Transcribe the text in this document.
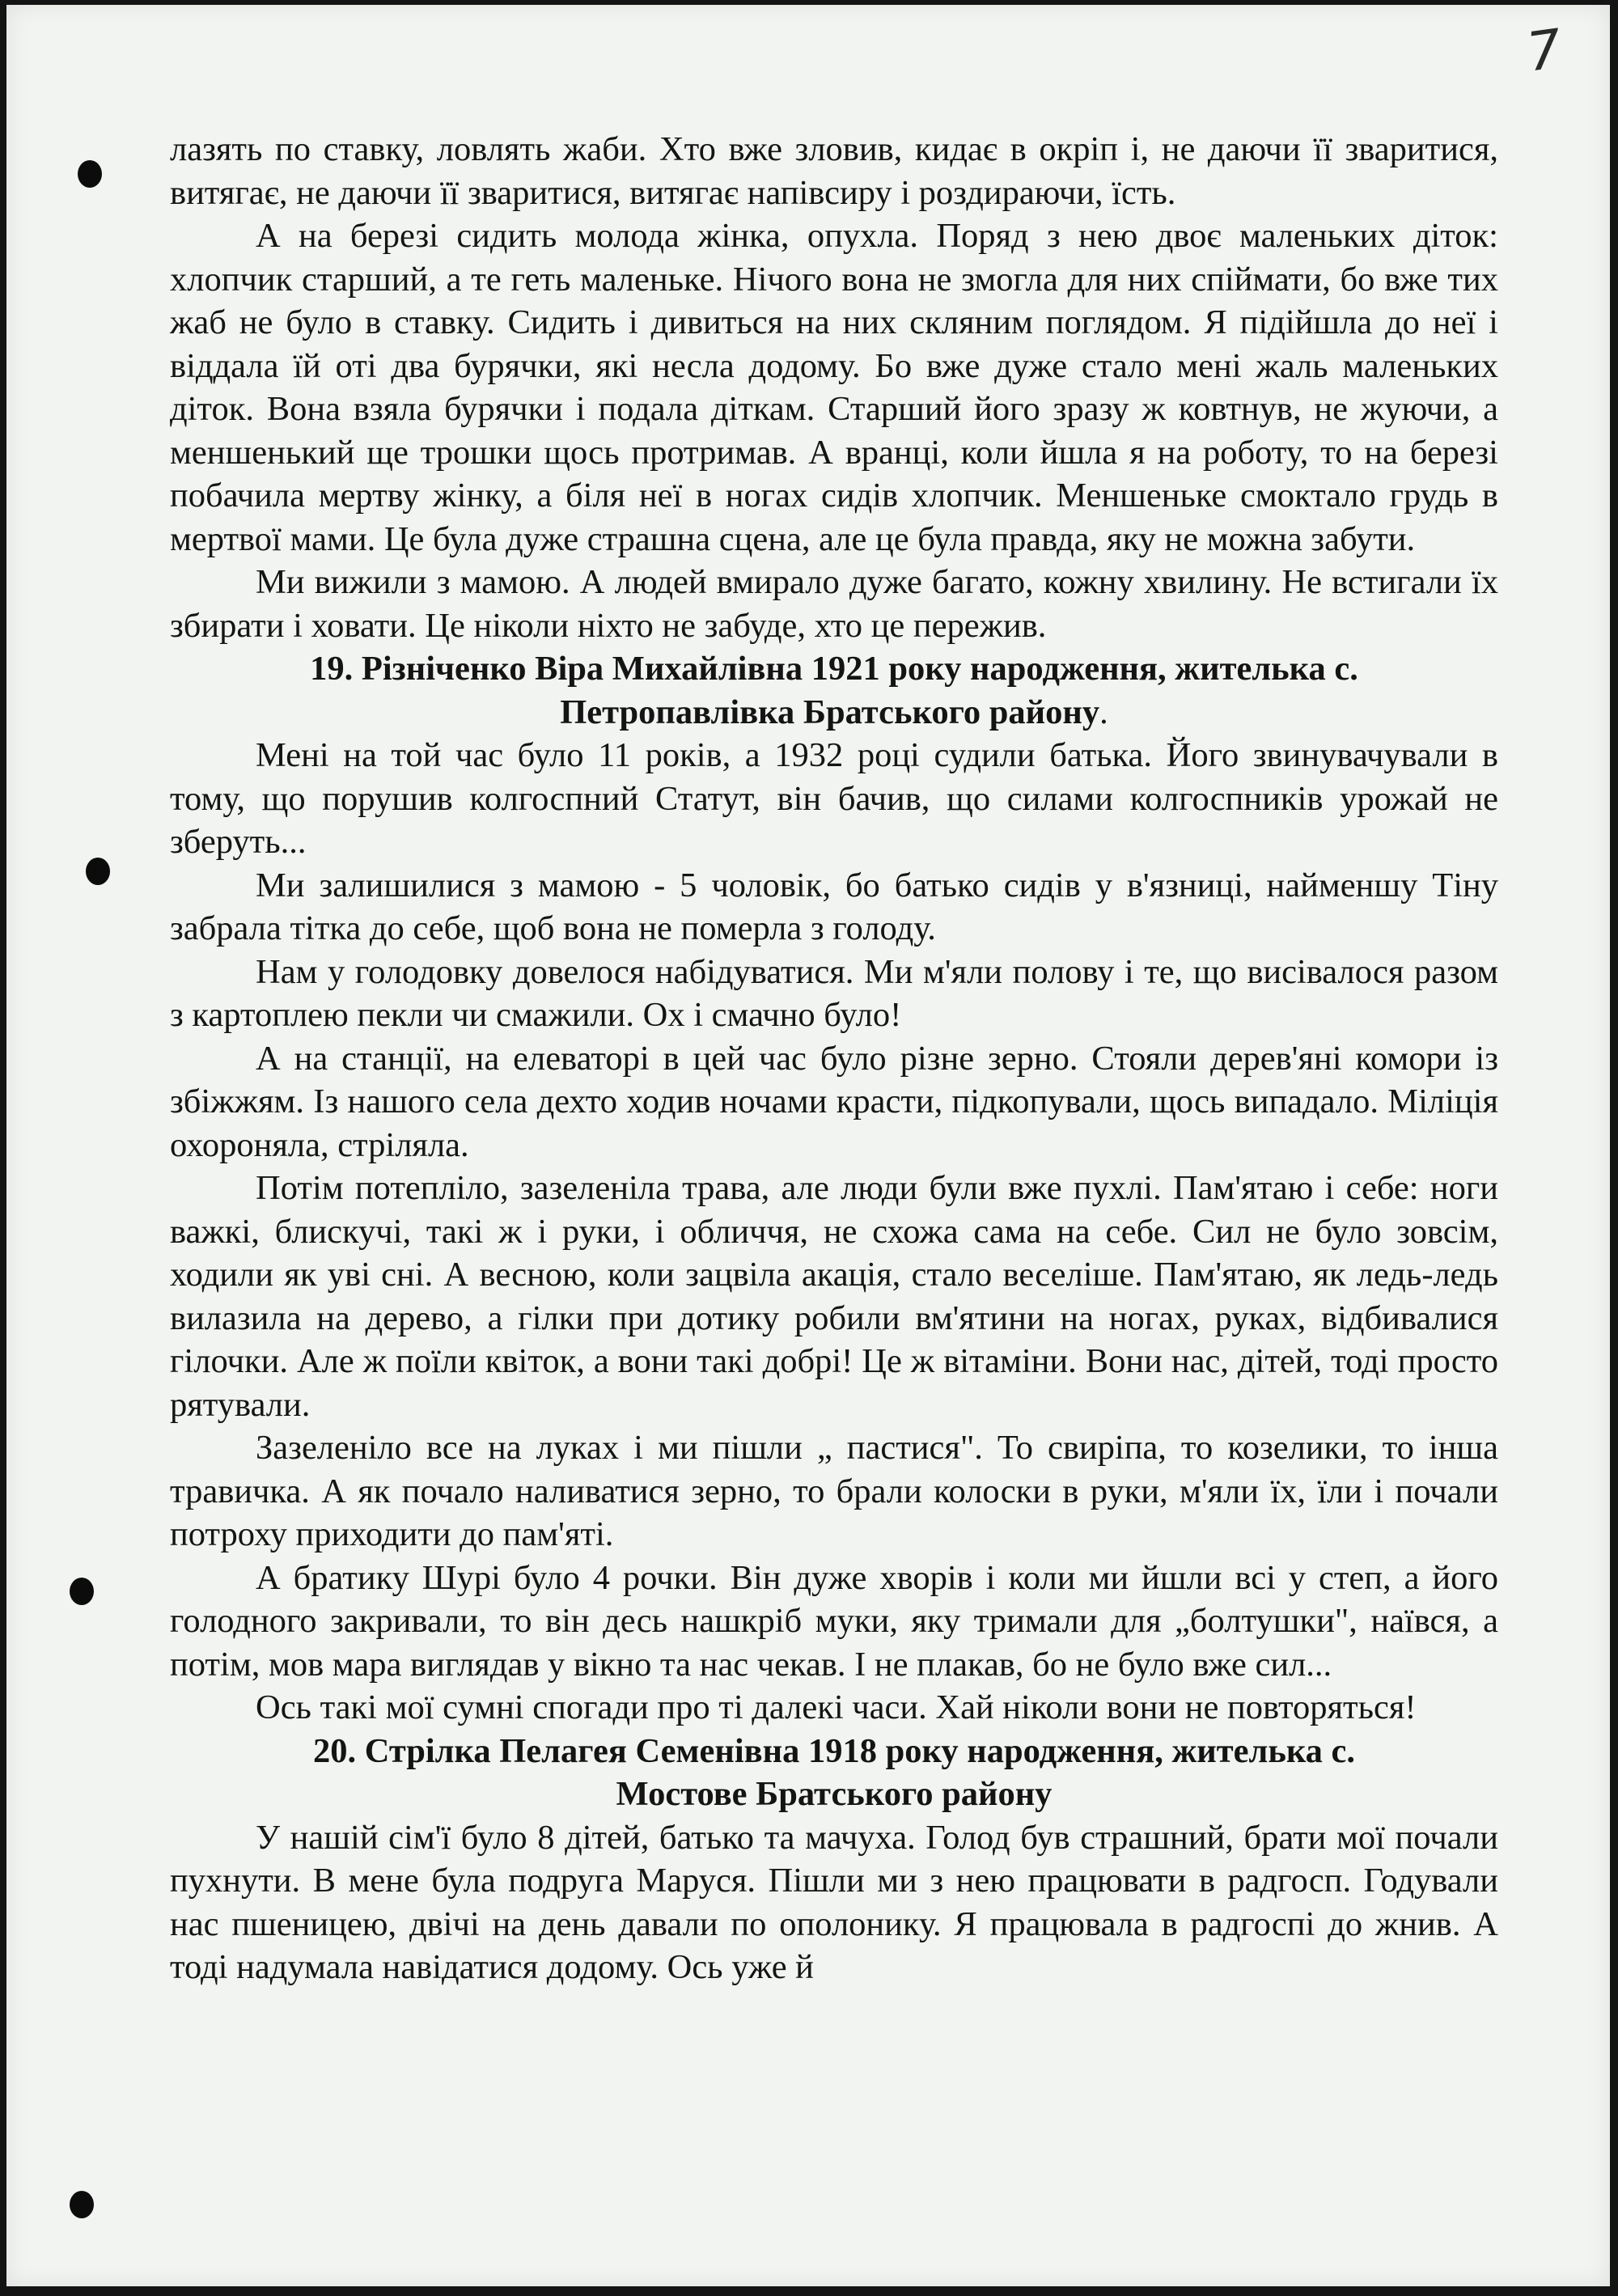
7

лазять по ставку, ловлять жаби. Хто вже зловив, кидає в окріп і, не даючи її зваритися, витягає, не даючи її зваритися, витягає напівсиру і роздираючи, їсть.

А на березі сидить молода жінка, опухла. Поряд з нею двоє маленьких діток: хлопчик старший, а те геть маленьке. Нічого вона не змогла для них спіймати, бо вже тих жаб не було в ставку. Сидить і дивиться на них скляним поглядом. Я підійшла до неї і віддала їй оті два бурячки, які несла додому. Бо вже дуже стало мені жаль маленьких діток. Вона взяла бурячки і подала діткам. Старший його зразу ж ковтнув, не жуючи, а меншенький ще трошки щось протримав. А вранці, коли йшла я на роботу, то на березі побачила мертву жінку, а біля неї в ногах сидів хлопчик. Меншеньке смоктало грудь в мертвої мами. Це була дуже страшна сцена, але це була правда, яку не можна забути.

Ми вижили з мамою. А людей вмирало дуже багато, кожну хвилину. Не встигали їх збирати і ховати. Це ніколи ніхто не забуде, хто це пережив.

19. Різніченко Віра Михайлівна 1921 року народження, жителька с.
Петропавлівка Братського району.

Мені на той час було 11 років, а 1932 році судили батька. Його звинувачували в тому, що порушив колгоспний Статут, він бачив, що силами колгоспників урожай не зберуть...

Ми залишилися з мамою - 5 чоловік, бо батько сидів у в'язниці, найменшу Тіну забрала тітка до себе, щоб вона не померла з голоду.

Нам у голодовку довелося набідуватися. Ми м'яли полову і те, що висівалося разом з картоплею пекли чи смажили. Ох і смачно було!

А на станції, на елеваторі в цей час було різне зерно. Стояли дерев'яні комори із збіжжям. Із нашого села дехто ходив ночами красти, підкопували, щось випадало. Міліція охороняла, стріляла.

Потім потепліло, зазеленіла трава, але люди були вже пухлі. Пам'ятаю і себе: ноги важкі, блискучі, такі ж і руки, і обличчя, не схожа сама на себе. Сил не було зовсім, ходили як уві сні. А весною, коли зацвіла акація, стало веселіше. Пам'ятаю, як ледь-ледь вилазила на дерево, а гілки при дотику робили вм'ятини на ногах, руках, відбивалися гілочки. Але ж поїли квіток, а вони такі добрі! Це ж вітаміни. Вони нас, дітей, тоді просто рятували.

Зазеленіло все на луках і ми пішли „ пастися". То свиріпа, то козелики, то інша травичка. А як почало наливатися зерно, то брали колоски в руки, м'яли їх, їли і почали потроху приходити до пам'яті.

А братику Шурі було 4 рочки. Він дуже хворів і коли ми йшли всі у степ, а його голодного закривали, то він десь нашкріб муки, яку тримали для „болтушки", наївся, а потім, мов мара виглядав у вікно та нас чекав. І не плакав, бо не було вже сил...

Ось такі мої сумні спогади про ті далекі часи. Хай ніколи вони не повторяться!

20. Стрілка Пелагея Семенівна 1918 року народження, жителька с.
Мостове Братського району

У нашій сім'ї було 8 дітей, батько та мачуха. Голод був страшний, брати мої почали пухнути. В мене була подруга Маруся. Пішли ми з нею працювати в радгосп. Годували нас пшеницею, двічі на день давали по ополонику. Я працювала в радгоспі до жнив. А тоді надумала навідатися додому. Ось уже й
